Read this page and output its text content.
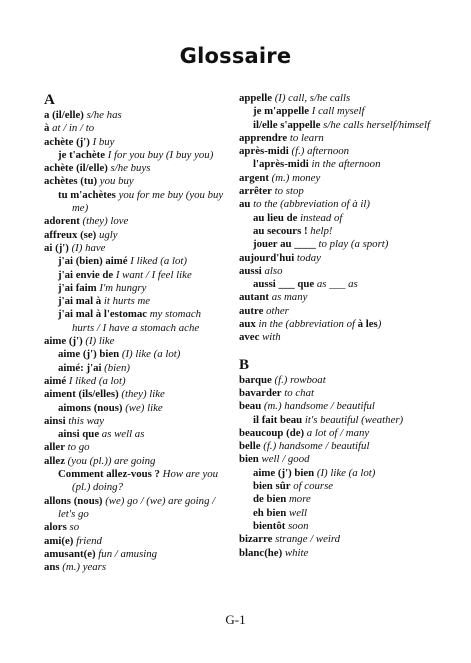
Glossaire
A

a (il/elle) s/he has

à at / in / to

achète (j') I buy

je t'achète I for you buy (I buy you)

achète (il/elle) s/he buys

achètes (tu) you buy

tu m'achètes you for me buy (you buy me)

adorent (they) love

affreux (se) ugly

ai (j') (I) have

j'ai (bien) aimé I liked (a lot)

j'ai envie de I want / I feel like

j'ai faim I'm hungry

j'ai mal à it hurts me

j'ai mal à l'estomac my stomach hurts / I have a stomach ache

aime (j') (I) like

aime (j') bien (I) like (a lot)

aimé: j'ai (bien)

aimé I liked (a lot)

aiment (ils/elles) (they) like

aimons (nous) (we) like

ainsi this way

ainsi que as well as

aller to go

allez (you (pl.)) are going

Comment allez-vous ? How are you (pl.) doing?

allons (nous) (we) go / (we) are going / let's go

alors so

ami(e) friend

amusant(e) fun / amusing

ans (m.) years

appelle (I) call, s/he calls

je m'appelle I call myself

il/elle s'appelle s/he calls herself/himself

apprendre to learn

après-midi (f.) afternoon

l'après-midi in the afternoon

argent (m.) money

arrêter to stop

au to the (abbreviation of à il)

au lieu de instead of

au secours ! help!

jouer au ____ to play (a sport)

aujourd'hui today

aussi also

aussi ___ que as ___ as

autant as many

autre other

aux in the (abbreviation of à les)

avec with

B

barque (f.) rowboat

bavarder to chat

beau (m.) handsome / beautiful

il fait beau it's beautiful (weather)

beaucoup (de) a lot of / many

belle (f.) handsome / beautiful

bien well / good

aime (j') bien (I) like (a lot)

bien sûr of course

de bien more

eh bien well

bientôt soon

bizarre strange / weird

blanc(he) white

G-1
